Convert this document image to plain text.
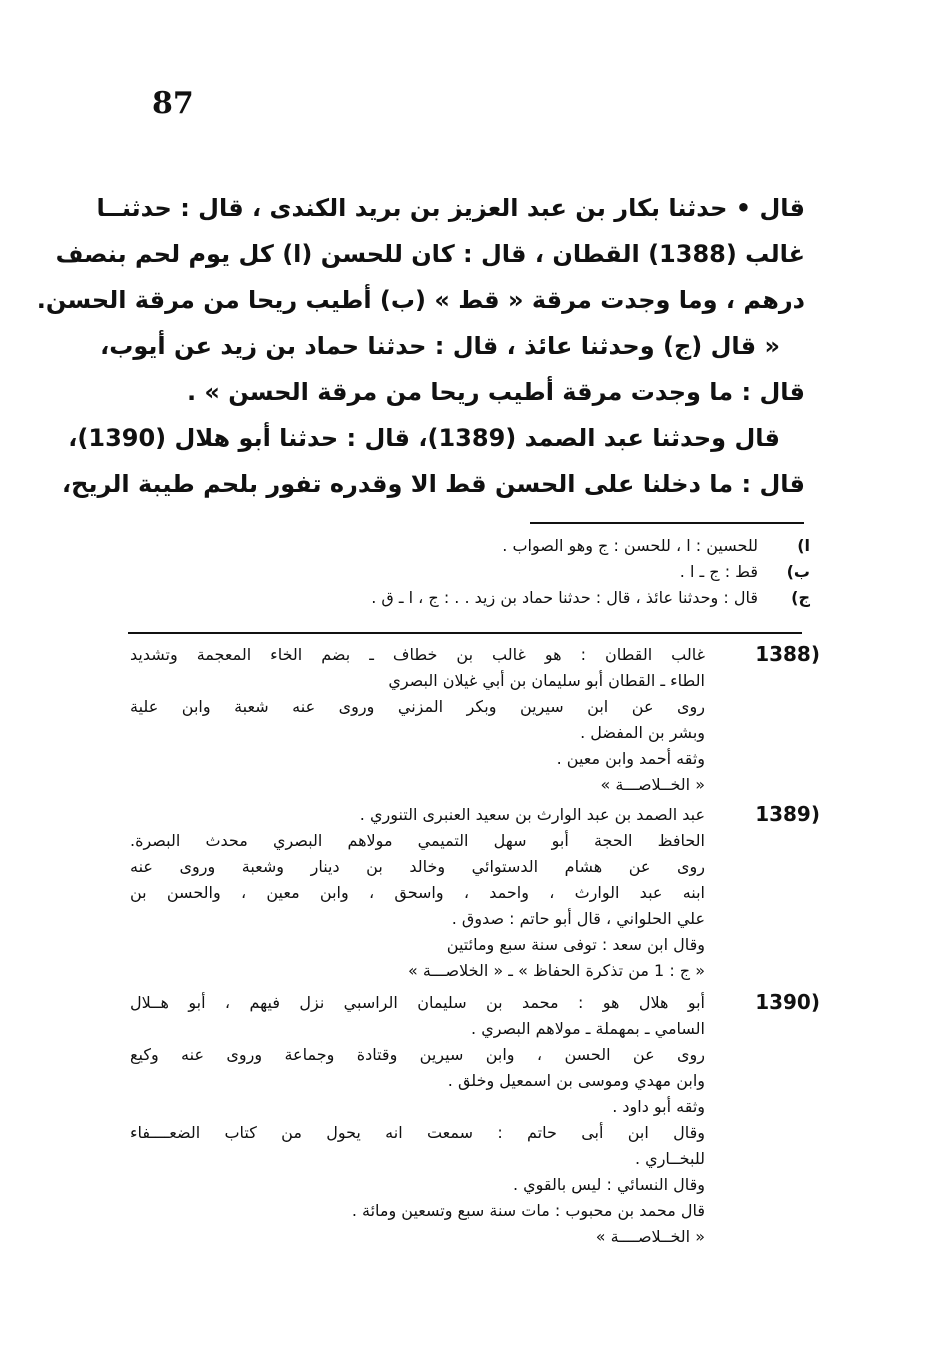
87
قال • حدثنا بكار بن عبد العزيز بن بريد الكندى ، قال : حدثنــا
غالب (1388) القطان ، قال : كان للحسن (ا) كل يوم لحم بنصف
درهم ، وما وجدت مرقة « قط » (ب) أطيب ريحا من مرقة الحسن.
« قال (ج) وحدثنا عائذ ، قال : حدثنا حماد بن زيد عن أيوب،
قال : ما وجدت مرقة أطيب ريحا من مرقة الحسن » .
قال وحدثنا عبد الصمد (1389)، قال : حدثنا أبو هلال (1390)،
قال : ما دخلنا على الحسن قط الا وقدره تفور بلحم طيبة الريح،
ا)
للحسين : ا ، للحسن : ج وهو الصواب .
ب)
قط : ج ـ ا .
ج)
قال : وحدثنا عائذ ، قال : حدثنا حماد بن زيد . . : ج ، ا ـ ق .
1388)
غالب القطان : هو غالب بن خطاف ـ بضم الخاء المعجمة وتشديد
الطاء ـ القطان أبو سليمان بن أبي غيلان البصري
روى عن ابن سيرين وبكر المزني وروى عنه شعبة وابن علية
وبشر بن المفضل .
وثقه أحمد وابن معين .
« الخــلاصـــة »
1389)
عبد الصمد بن عبد الوارث بن سعيد العنبرى التنوري .
الحافظ الحجة أبو سهل التميمي مولاهم البصري محدث البصرة.
روى عن هشام الدستوائي وخالد بن دينار وشعبة وروى عنه
ابنه عبد الوارث ، واحمد ، واسحق ، وابن معين ، والحسن بن
علي الحلواني ، قال أبو حاتم : صدوق .
وقال ابن سعد : توفى سنة سبع ومائتين
« ج : 1 من تذكرة الحفاظ » ـ « الخلاصـــة »
1390)
أبو هلال هو : محمد بن سليمان الراسبي نزل فيهم ، أبو هــلال
السامي ـ بمهملة ـ مولاهم البصري .
روى عن الحسن ، وابن سيرين وقتادة وجماعة وروى عنه وكيع
وابن مهدي وموسى بن اسمعيل وخلق .
وثقه أبو داود .
وقال ابن أبى حاتم : سمعت انه يحول من كتاب الضعــــفاء
للبخــاري .
وقال النسائي : ليس بالقوي .
قال محمد بن محبوب : مات سنة سبع وتسعين ومائة .
« الخــلاصــــة »
